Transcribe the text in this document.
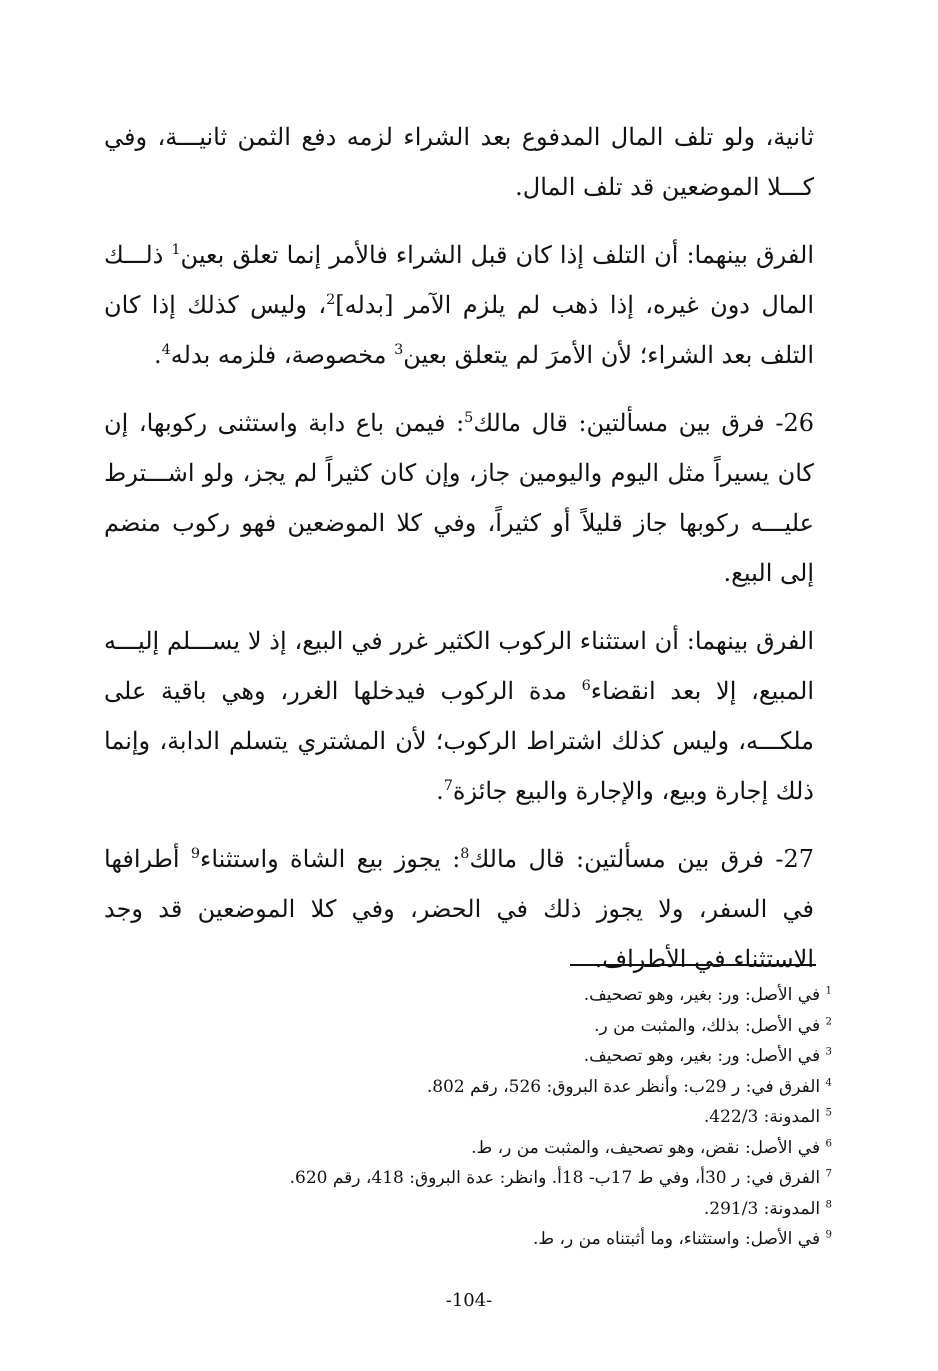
ثانية، ولو تلف المال المدفوع بعد الشراء لزمه دفع الثمن ثانيـــة، وفي كـــلا الموضعين قد تلف المال.

الفرق بينهما: أن التلف إذا كان قبل الشراء فالأمر إنما تعلق بعين$^1$ ذلـــك المال دون غيره، إذا ذهب لم يلزم الآمر [بدله]$^2$، وليس كذلك إذا كان التلف بعد الشراء؛ لأن الأمرَ لم يتعلق بعين$^3$ مخصوصة، فلزمه بدله$^4$.

26- فرق بين مسألتين: قال مالك$^5$: فيمن باع دابة واستثنى ركوبها، إن كان يسيراً مثل اليوم واليومين جاز، وإن كان كثيراً لم يجز، ولو اشـــترط عليـــه ركوبها جاز قليلاً أو كثيراً، وفي كلا الموضعين فهو ركوب منضم إلى البيع.

الفرق بينهما: أن استثناء الركوب الكثير غرر في البيع، إذ لا يســـلم إليـــه المبيع، إلا بعد انقضاء$^6$ مدة الركوب فيدخلها الغرر، وهي باقية على ملكـــه، وليس كذلك اشتراط الركوب؛ لأن المشتري يتسلم الدابة، وإنما ذلك إجارة وبيع، والإجارة والبيع جائزة$^7$.

27- فرق بين مسألتين: قال مالك$^8$: يجوز بيع الشاة واستثناء$^9$ أطرافها في السفر، ولا يجوز ذلك في الحضر، وفي كلا الموضعين قد وجد الاستثناء في الأطراف.

$^1$ في الأصل: ور: بغير، وهو تصحيف.
$^2$ في الأصل: بذلك، والمثبت من ر.
$^3$ في الأصل: ور: بغير، وهو تصحيف.
$^4$ الفرق في: ر 29ب: وأنظر عدة البروق: 526، رقم 802.
$^5$ المدونة: 422/3.
$^6$ في الأصل: نقض، وهو تصحيف، والمثبت من ر، ط.
$^7$ الفرق في: ر 30أ، وفي ط 17ب- 18أ. وانظر: عدة البروق: 418، رقم 620.
$^8$ المدونة: 291/3.
$^9$ في الأصل: واستثناء، وما أثبتناه من ر، ط.
-104-
